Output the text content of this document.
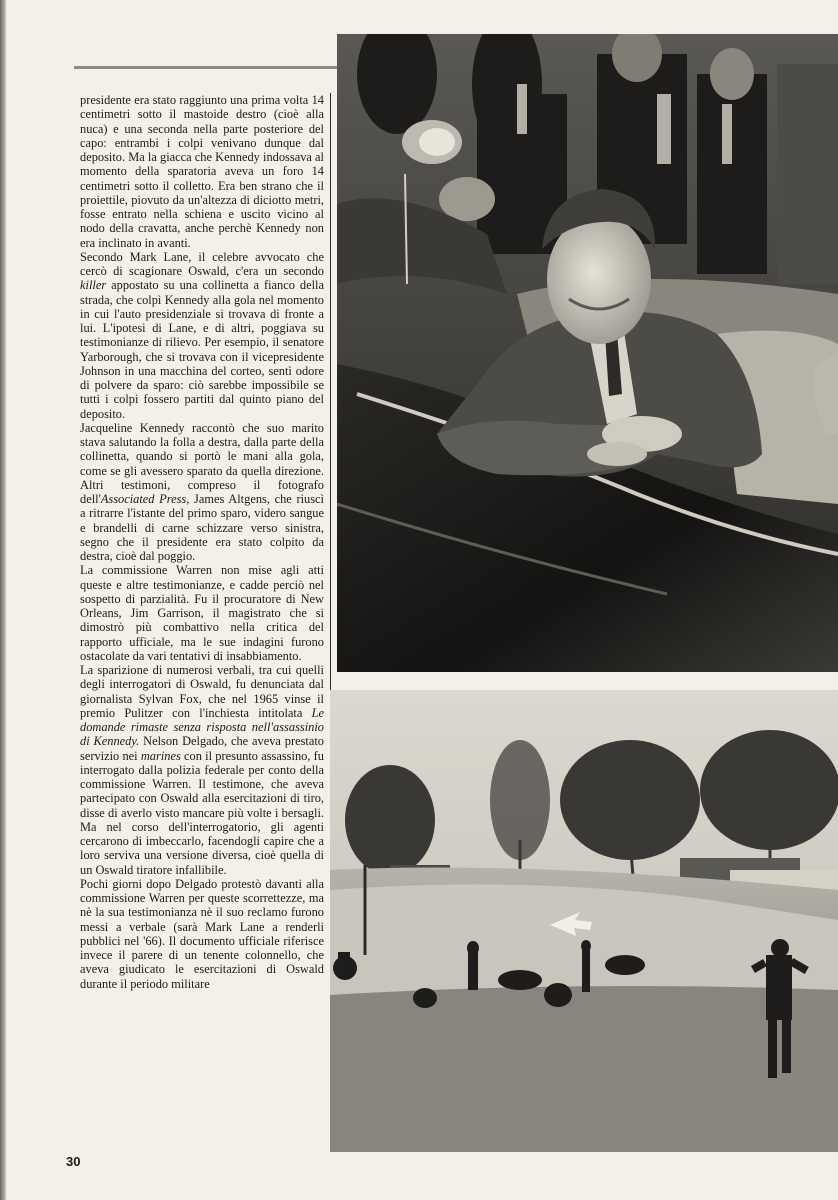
presidente era stato raggiunto una prima volta 14 centimetri sotto il mastoide destro (cioè alla nuca) e una seconda nella parte posteriore del capo: entrambi i colpi venivano dunque dal deposito. Ma la giacca che Kennedy indossava al momento della sparatoria aveva un foro 14 centimetri sotto il colletto. Era ben strano che il proiettile, piovuto da un'altezza di diciotto metri, fosse entrato nella schiena e uscito vicino al nodo della cravatta, anche perchè Kennedy non era inclinato in avanti.

Secondo Mark Lane, il celebre avvocato che cercò di scagionare Oswald, c'era un secondo killer appostato su una collinetta a fianco della strada, che colpì Kennedy alla gola nel momento in cui l'auto presidenziale si trovava di fronte a lui. L'ipotesi di Lane, e di altri, poggiava su testimonianze di rilievo. Per esempio, il senatore Yarborough, che si trovava con il vicepresidente Johnson in una macchina del corteo, sentì odore di polvere da sparo: ciò sarebbe impossibile se tutti i colpi fossero partiti dal quinto piano del deposito.

Jacqueline Kennedy raccontò che suo marito stava salutando la folla a destra, dalla parte della collinetta, quando si portò le mani alla gola, come se gli avessero sparato da quella direzione. Altri testimoni, compreso il fotografo dell'Associated Press, James Altgens, che riuscì a ritrarre l'istante del primo sparo, videro sangue e brandelli di carne schizzare verso sinistra, segno che il presidente era stato colpito da destra, cioè dal poggio.

La commissione Warren non mise agli atti queste e altre testimonianze, e cadde perciò nel sospetto di parzialità. Fu il procuratore di New Orleans, Jim Garrison, il magistrato che si dimostrò più combattivo nella critica del rapporto ufficiale, ma le sue indagini furono ostacolate da vari tentativi di insabbiamento.

La sparizione di numerosi verbali, tra cui quelli degli interrogatori di Oswald, fu denunciata dal giornalista Sylvan Fox, che nel 1965 vinse il premio Pulitzer con l'inchiesta intitolata Le domande rimaste senza risposta nell'assassinio di Kennedy. Nelson Delgado, che aveva prestato servizio nei marines con il presunto assassino, fu interrogato dalla polizia federale per conto della commissione Warren. Il testimone, che aveva partecipato con Oswald alla esercitazioni di tiro, disse di averlo visto mancare più volte i bersagli. Ma nel corso dell'interrogatorio, gli agenti cercarono di imbeccarlo, facendogli capire che a loro serviva una versione diversa, cioè quella di un Oswald tiratore infallibile.

Pochi giorni dopo Delgado protestò davanti alla commissione Warren per queste scorrettezze, ma nè la sua testimonianza nè il suo reclamo furono messi a verbale (sarà Mark Lane a renderli pubblici nel '66). Il documento ufficiale riferisce invece il parere di un tenente colonnello, che aveva giudicato le esercitazioni di Oswald durante il periodo militare

30
